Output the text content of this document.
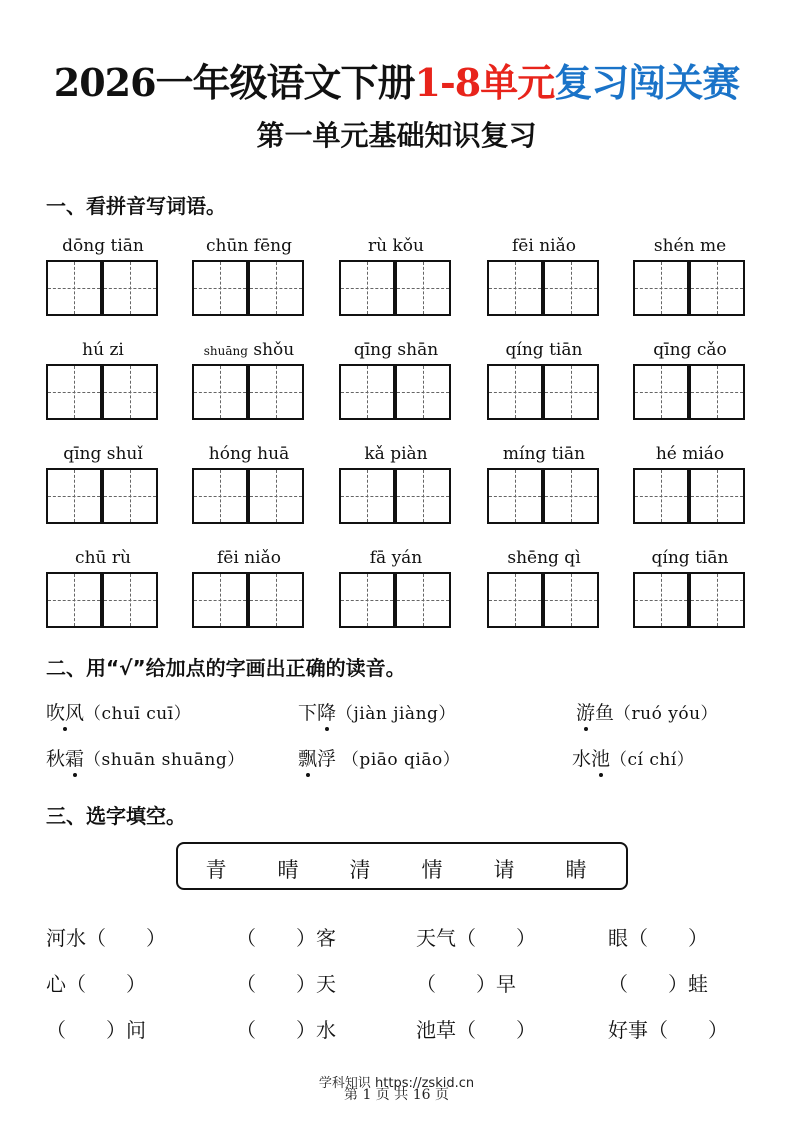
2026一年级语文下册1-8单元复习闯关赛
第一单元基础知识复习
一、看拼音写词语。
dōng tiān	chūn fēng	rù kǒu	fēi niǎo	shén me
hú zi	shuāng shǒu	qīng shān	qíng tiān	qīng cǎo
qīng shuǐ	hóng huā	kǎ piàn	míng tiān	hé miáo
chū rù	fēi niǎo	fā yán	shēng qì	qíng tiān
二、用“√”给加点的字画出正确的读音。
吹风（chuī cuī）	下降（jiàn jiàng）	游鱼（ruó yóu）
秋霜（shuān shuāng）	飘浮 （piāo qiāo）	水池（cí chí）
三、选字填空。
青	晴	清	情	请	睛
河水（　　）	（　　）客	天气（　　）	眼（　　）
心（　　）	（　　）天	（　　）早	（　　）蛙
（　　）问	（　　）水	池草（　　）	好事（　　）
学科知识 https://zskid.cn
第 1 页 共 16 页
